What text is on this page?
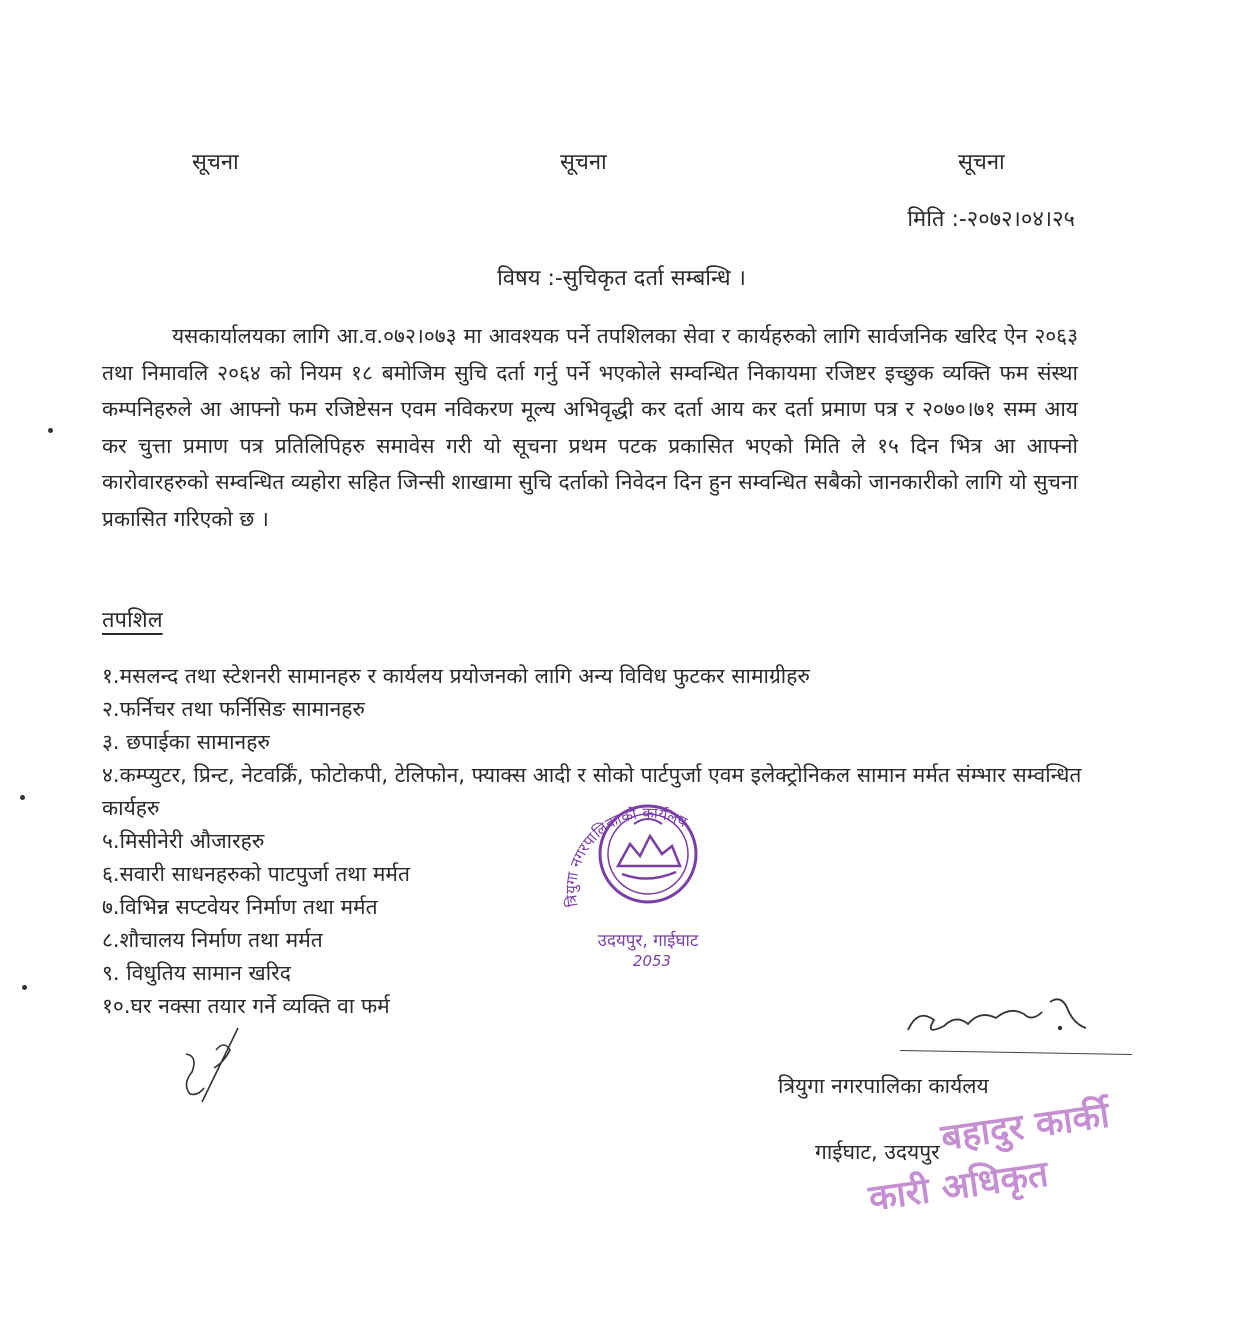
सूचना	सूचना	सूचना
मिति :-२०७२।०४।२५
विषय :-सुचिकृत दर्ता सम्बन्धि ।

यसकार्यालयका लागि आ.व.०७२।०७३ मा आवश्यक पर्ने तपशिलका सेवा र कार्यहरुको लागि सार्वजनिक खरिद ऐन २०६३ तथा निमावलि २०६४ को नियम १८ बमोजिम सुचि दर्ता गर्नु पर्ने भएकोले सम्वन्धित निकायमा रजिष्टर इच्छुक व्यक्ति फम संस्था कम्पनिहरुले आ आफ्नो फम रजिष्टेसन एवम नविकरण मूल्य अभिवृद्धी कर दर्ता आय कर दर्ता प्रमाण पत्र र २०७०।७१ सम्म आय कर चुत्ता प्रमाण पत्र प्रतिलिपिहरु समावेस गरी यो सूचना प्रथम पटक प्रकासित भएको मिति ले १५ दिन भित्र आ आफ्नो कारोवारहरुको सम्वन्धित व्यहोरा सहित जिन्सी शाखामा सुचि दर्ताको निवेदन दिन हुन सम्वन्धित सबैको जानकारीको लागि यो सुचना प्रकासित गरिएको छ ।

तपशिल
१.मसलन्द तथा स्टेशनरी सामानहरु र कार्यलय प्रयोजनको लागि अन्य विविध फुटकर सामाग्रीहरु
२.फर्निचर तथा फर्निसिङ सामानहरु
३. छपाईका सामानहरु
४.कम्प्युटर, प्रिन्ट, नेटवर्क्रिं, फोटोकपी, टेलिफोन, फ्याक्स आदी र सोको पार्टपुर्जा एवम इलेक्ट्रोनिकल सामान मर्मत संम्भार सम्वन्धित कार्यहरु
५.मिसीनेरी औजारहरु
६.सवारी साधनहरुको पाटपुर्जा तथा मर्मत
७.विभिन्न सप्टवेयर निर्माण तथा मर्मत
८.शौचालय निर्माण तथा मर्मत
९. विधुतिय सामान खरिद
१०.घर नक्सा तयार गर्ने व्यक्ति वा फर्म
त्रियुगा नगरपालिकाको कार्यलय
उदयपुर, गाईघाट
2053
त्रियुगा नगरपालिका कार्यलय
गाईघाट, उदयपुर
बहादुर कार्की
कारी अधिकृत
